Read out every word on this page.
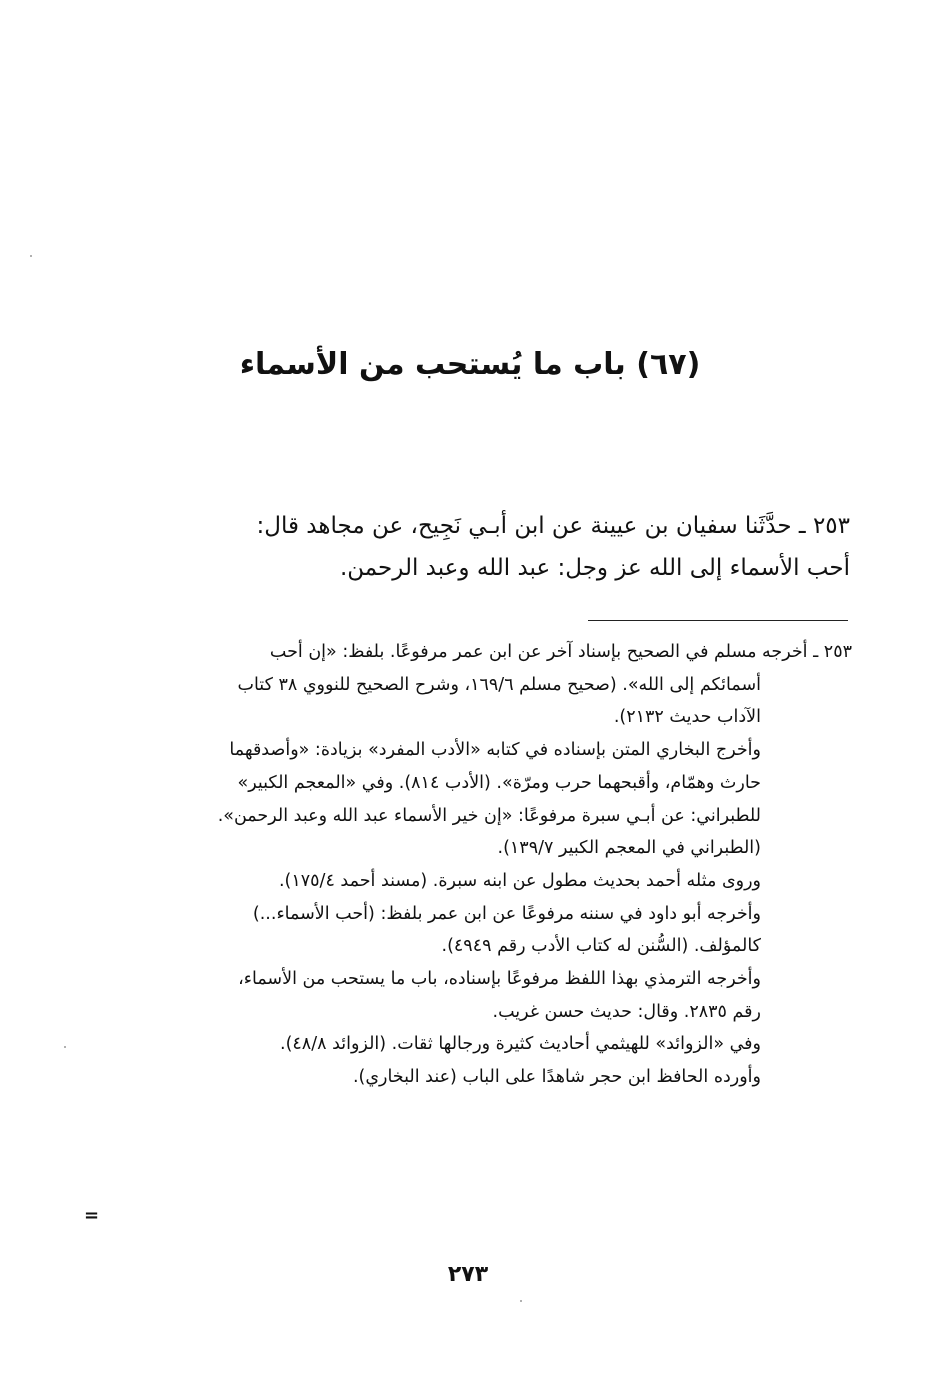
(٦٧) باب ما يُستحب من الأسماء
٢٥٣ ـ حدَّثَنا سفيان بن عيينة عن ابن أبـي نَجِيح، عن مجاهد قال:
أحب الأسماء إلى الله عز وجل: عبد الله وعبد الرحمن.
٢٥٣ ـ أخرجه مسلم في الصحيح بإسناد آخر عن ابن عمر مرفوعًا. بلفظ: «إن أحب
أسمائكم إلى الله». (صحيح مسلم ١٦٩/٦، وشرح الصحيح للنووي ٣٨ كتاب
الآداب حديث ٢١٣٢).
وأخرج البخاري المتن بإسناده في كتابه «الأدب المفرد» بزيادة: «وأصدقهما
حارث وهمّام، وأقبحهما حرب ومرّة». (الأدب ٨١٤). وفي «المعجم الكبير»
للطبراني: عن أبـي سبرة مرفوعًا: «إن خير الأسماء عبد الله وعبد الرحمن».
(الطبراني في المعجم الكبير ١٣٩/٧).
وروى مثله أحمد بحديث مطول عن ابنه سبرة. (مسند أحمد ١٧٥/٤).
وأخرجه أبو داود في سننه مرفوعًا عن ابن عمر بلفظ: (أحب الأسماء...)
كالمؤلف. (السُّنن له كتاب الأدب رقم ٤٩٤٩).
وأخرجه الترمذي بهذا اللفظ مرفوعًا بإسناده، باب ما يستحب من الأسماء،
رقم ٢٨٣٥. وقال: حديث حسن غريب.
وفي «الزوائد» للهيثمي أحاديث كثيرة ورجالها ثقات. (الزوائد ٤٨/٨).
وأورده الحافظ ابن حجر شاهدًا على الباب (عند البخاري).
=
٢٧٣
